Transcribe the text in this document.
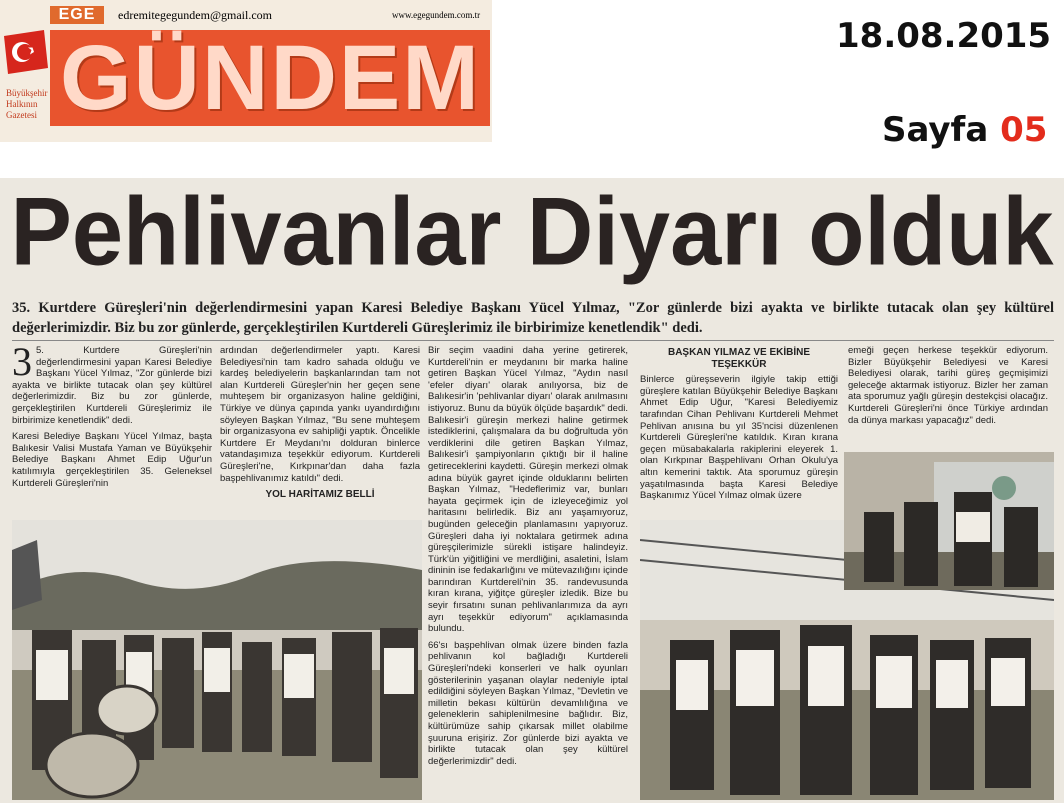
EGE	edremitegegundem@gmail.com	www.egegundem.com.tr
GÜNDEM
Büyükşehir
Halkının
Gazetesi
18.08.2015
Sayfa 05
Pehlivanlar Diyarı olduk
35. Kurtdere Güreşleri'nin değerlendirmesini yapan Karesi Belediye Başkanı Yücel Yılmaz, "Zor günlerde bizi ayakta ve birlikte tutacak olan şey kültürel değerlerimizdir. Biz bu zor günlerde, gerçekleştirilen Kurtdereli Güreşlerimiz ile birbirimize kenetlendik" dedi.
3 5. Kurtdere Güreşleri'nin değerlendirmesini yapan Karesi Belediye Başkanı Yücel Yılmaz, "Zor günlerde bizi ayakta ve birlikte tutacak olan şey kültürel değerlerimizdir. Biz bu zor günlerde, gerçekleştirilen Kurtdereli Güreşlerimiz ile birbirimize kenetlendik" dedi.

Karesi Belediye Başkanı Yücel Yılmaz, başta Balıkesir Valisi Mustafa Yaman ve Büyükşehir Belediye Başkanı Ahmet Edip Uğur'un katılımıyla gerçekleştirilen 35. Geleneksel Kurtdereli Güreşleri'nin

ardından değerlendirmeler yaptı. Karesi Belediyesi'nin tam kadro sahada olduğu ve kardeş belediyelerin başkanlarından tam not alan Kurtdereli Güreşler'nin her geçen sene muhteşem bir organizasyon haline geldiğini, Türkiye ve dünya çapında yankı uyandırdığını söyleyen Başkan Yılmaz, "Bu sene muhteşem bir organizasyona ev sahipliği yaptık. Öncelikle Kurtdere Er Meydanı'nı dolduran binlerce vatandaşımıza teşekkür ediyorum. Kurtdereli Güreşleri'ne, Kırkpınar'dan daha fazla başpehlivanımız katıldı" dedi.

YOL HARİTAMIZ BELLİ

Bir seçim vaadini daha yerine getirerek, Kurtdereli'nin er meydanını bir marka haline getiren Başkan Yücel Yılmaz, "Aydın nasıl 'efeler diyarı' olarak anılıyorsa, biz de Balıkesir'in 'pehlivanlar diyarı' olarak anılmasını istiyoruz. Bunu da büyük ölçüde başardık" dedi. Balıkesir'i güreşin merkezi haline getirmek istediklerini, çalışmalara da bu doğrultuda yön verdiklerini dile getiren Başkan Yılmaz, Balıkesir'i şampiyonların çıktığı bir il haline getireceklerini kaydetti. Güreşin merkezi olmak adına büyük gayret içinde olduklarını belirten Başkan Yılmaz, "Hedeflerimiz var, bunları hayata geçirmek için de izleyeceğimiz yol haritasını belirledik. Biz anı yaşamıyoruz, bugünden geleceğin planlamasını yapıyoruz. Güreşleri daha iyi noktalara getirmek adına güreşçilerimizle sürekli istişare halindeyiz. Türk'ün yiğitliğini ve merdliğini, asaletini, İslam dininin ise fedakarlığını ve mütevazılığını içinde barındıran Kurtdereli'nin 35. randevusunda kıran kırana, yiğitçe güreşler izledik. Bize bu seyir fırsatını sunan pehlivanlarımıza da ayrı ayrı teşekkür ediyorum" açıklamasında bulundu.

66'sı başpehlivan olmak üzere binden fazla pehlivanın kol bağladığı Kurtdereli Güreşleri'ndeki konserleri ve halk oyunları gösterilerinin yaşanan olaylar nedeniyle iptal edildiğini söyleyen Başkan Yılmaz, "Devletin ve milletin bekası kültürün devamlılığına ve geleneklerin sahiplenilmesine bağlıdır. Biz, kültürümüze sahip çıkarsak millet olabilme şuuruna erişiriz. Zor günlerde bizi ayakta ve birlikte tutacak olan şey kültürel değerlerimizdir" dedi.

BAŞKAN YILMAZ VE EKİBİNE TEŞEKKÜR

Binlerce güreşseverin ilgiyle takip ettiği güreşlere katılan Büyükşehir Belediye Başkanı Ahmet Edip Uğur, "Karesi Belediyemiz tarafından Cihan Pehlivanı Kurtdereli Mehmet Pehlivan anısına bu yıl 35'ncisi düzenlenen Kurtdereli Güreşleri'ne katıldık. Kıran kırana geçen müsabakalarla rakiplerini eleyerek 1. olan Kırkpınar Başpehlivanı Orhan Okulu'ya altın kemerini taktık. Ata sporumuz güreşin yaşatılmasında başta Karesi Belediye Başkanımız Yücel Yılmaz olmak üzere

emeği geçen herkese teşekkür ediyorum. Bizler Büyükşehir Belediyesi ve Karesi Belediyesi olarak, tarihi güreş geçmişimizi geleceğe aktarmak istiyoruz. Bizler her zaman ata sporumuz yağlı güreşin destekçisi olacağız. Kurtdereli Güreşleri'ni önce Türkiye ardından da dünya markası yapacağız" dedi.
